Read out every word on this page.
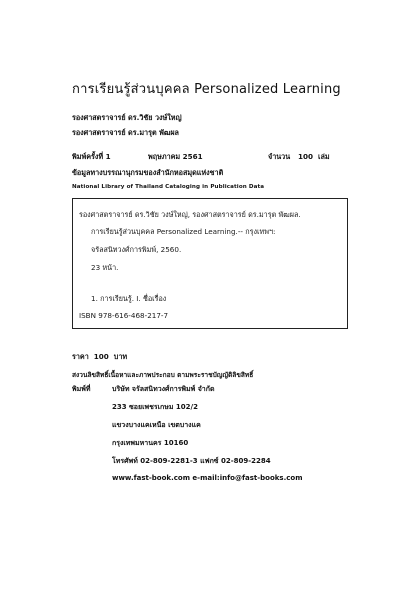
การเรียนรู้ส่วนบุคคล Personalized Learning
รองศาสตราจารย์ ดร.วิชัย วงษ์ใหญ่
รองศาสตราจารย์ ดร.มารุต พัฒผล
พิมพ์ครั้งที่ 1	พฤษภาคม 2561	จำนวน 100 เล่ม
ข้อมูลทางบรรณานุกรมของสำนักหอสมุดแห่งชาติ
National Library of Thailand Cataloging in Publication Data
รองศาสตราจารย์ ดร.วิชัย วงษ์ใหญ่, รองศาสตราจารย์ ดร.มารุต พัฒผล.
การเรียนรู้ส่วนบุคคล Personalized Learning.-- กรุงเทพฯ:
จรัลสนิทวงศ์การพิมพ์, 2560.
23 หน้า.
1. การเรียนรู้. I. ชื่อเรื่อง
ISBN 978-616-468-217-7
ราคา 100 บาท
สงวนลิขสิทธิ์เนื้อหาและภาพประกอบ ตามพระราชบัญญัติลิขสิทธิ์
พิมพ์ที่	บริษัท จรัลสนิทวงศ์การพิมพ์ จำกัด
233 ซอยเพชรเกษม 102/2
แขวงบางแคเหนือ เขตบางแค
กรุงเทพมหานคร 10160
โทรศัพท์ 02-809-2281-3 แฟกซ์ 02-809-2284
www.fast-book.com e-mail:info@fast-books.com
